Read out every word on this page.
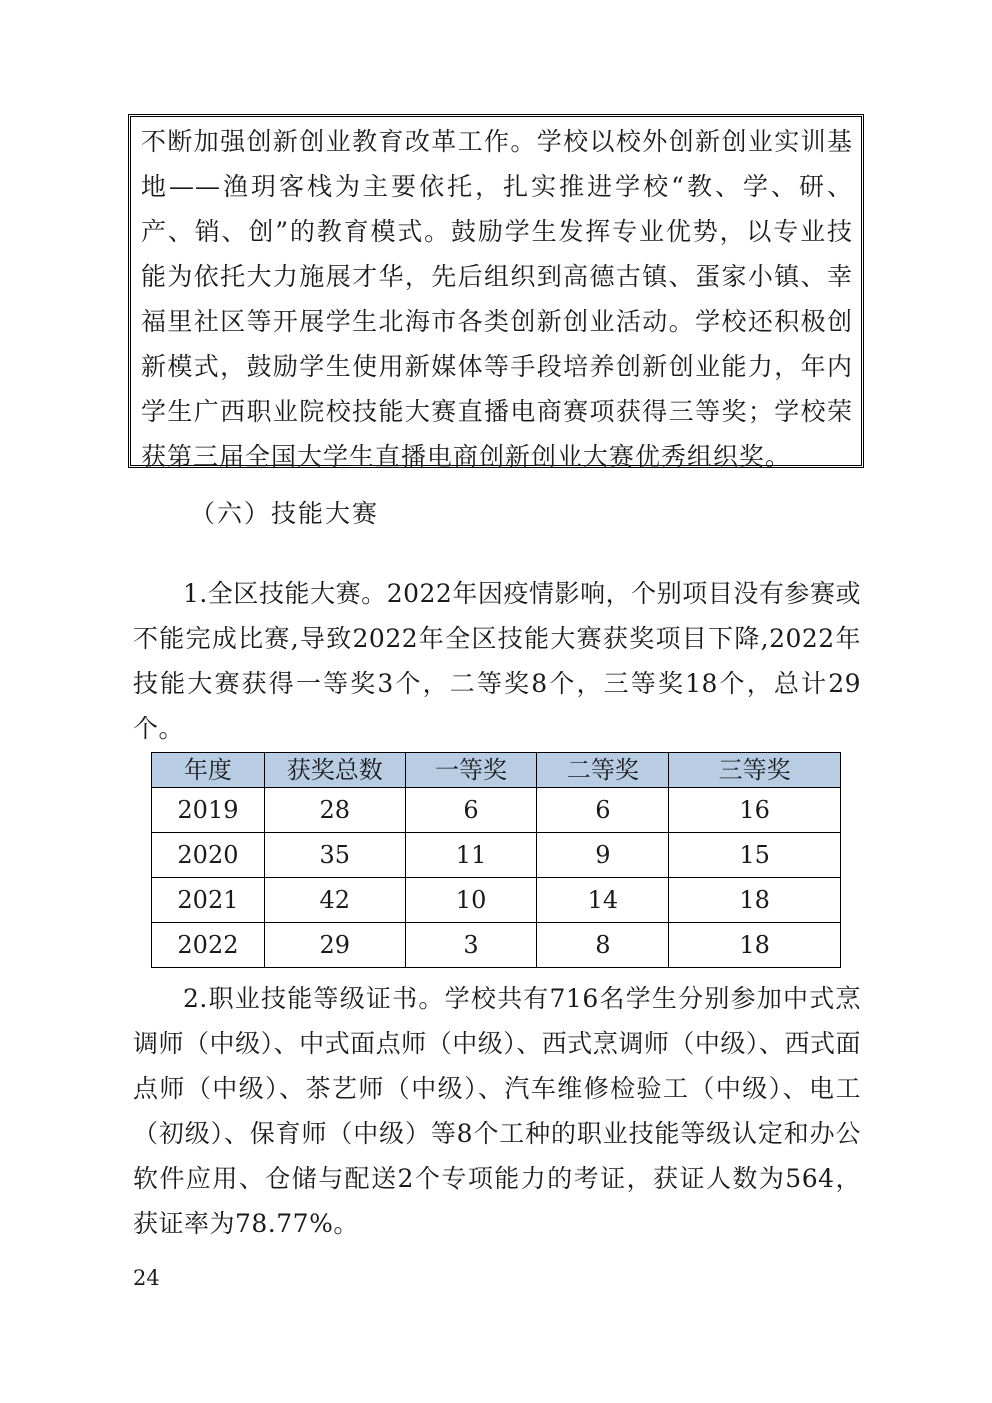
不断加强创新创业教育改革工作。学校以校外创新创业实训基地——渔玥客栈为主要依托，扎实推进学校“教、学、研、产、销、创”的教育模式。鼓励学生发挥专业优势，以专业技能为依托大力施展才华，先后组织到高德古镇、蛋家小镇、幸福里社区等开展学生北海市各类创新创业活动。学校还积极创新模式，鼓励学生使用新媒体等手段培养创新创业能力，年内学生广西职业院校技能大赛直播电商赛项获得三等奖；学校荣获第三届全国大学生直播电商创新创业大赛优秀组织奖。
（六）技能大赛
1.全区技能大赛。2022年因疫情影响，个别项目没有参赛或不能完成比赛,导致2022年全区技能大赛获奖项目下降,2022年技能大赛获得一等奖3个，二等奖8个，三等奖18个，总计29个。
年度	获奖总数	一等奖	二等奖	三等奖
2019	28	6	6	16
2020	35	11	9	15
2021	42	10	14	18
2022	29	3	8	18
2.职业技能等级证书。学校共有716名学生分别参加中式烹调师（中级）、中式面点师（中级）、西式烹调师（中级）、西式面点师（中级）、茶艺师（中级）、汽车维修检验工（中级）、电工（初级）、保育师（中级）等8个工种的职业技能等级认定和办公软件应用、仓储与配送2个专项能力的考证，获证人数为564，获证率为78.77%。
24
